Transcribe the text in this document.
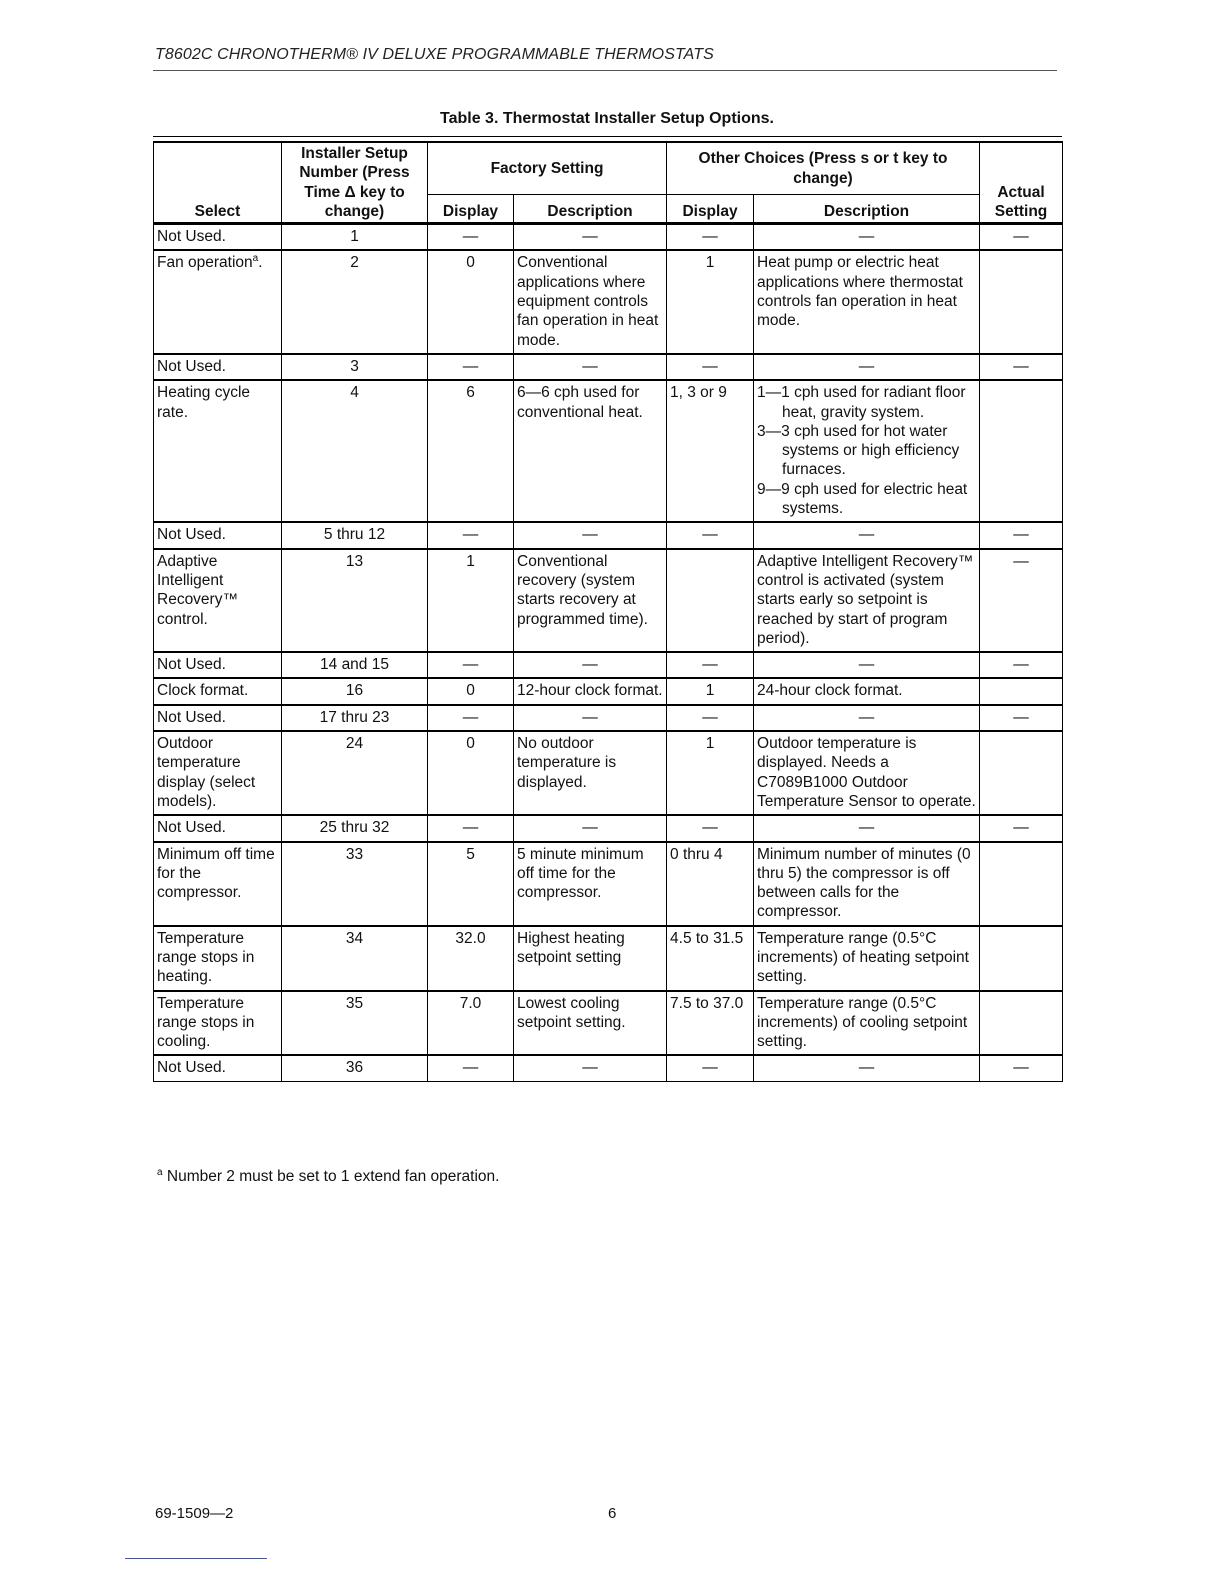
T8602C CHRONOTHERM® IV DELUXE PROGRAMMABLE THERMOSTATS
Table 3. Thermostat Installer Setup Options.
Select	Installer Setup Number (Press Time Δ key to change)	Factory Setting		Other Choices (Press s or t key to change)		Actual Setting
		Display	Description	Display	Description	
Not Used.	1	—	—	—	—	—
Fan operation$^a$.	2	0	Conventional applications where equipment controls fan operation in heat mode.	1	Heat pump or electric heat applications where thermostat controls fan operation in heat mode.	

Not Used.	3	—	—	—	—	—
Heating cycle rate.	4	6	6—6 cph used for conventional heat.	1, 3 or 9	1—1 cph used for radiant floor heat, gravity system.
3—3 cph used for hot water systems or high efficiency furnaces.
9—9 cph used for electric heat systems.	

Not Used.	5 thru 12	—	—	—	—	—
Adaptive Intelligent Recovery™ control.	13	1	Conventional recovery (system starts recovery at programmed time).		Adaptive Intelligent Recovery™ control is activated (system starts early so setpoint is reached by start of program period).	—
Not Used.	14 and 15	—	—	—	—	—
Clock format.	16	0	12-hour clock format.	1	24-hour clock format.	

Not Used.	17 thru 23	—	—	—	—	—
Outdoor temperature display (select models).	24	0	No outdoor temperature is displayed.	1	Outdoor temperature is displayed. Needs a C7089B1000 Outdoor Temperature Sensor to operate.	

Not Used.	25 thru 32	—	—	—	—	—
Minimum off time for the compressor.	33	5	5 minute minimum off time for the compressor.	0 thru 4	Minimum number of minutes (0 thru 5) the compressor is off between calls for the compressor.	

Temperature range stops in heating.	34	32.0	Highest heating setpoint setting	4.5 to 31.5	Temperature range (0.5°C increments) of heating setpoint setting.	

Temperature range stops in cooling.	35	7.0	Lowest cooling setpoint setting.	7.5 to 37.0	Temperature range (0.5°C increments) of cooling setpoint setting.	

Not Used.	36	—	—	—	—	—
$^a$ Number 2 must be set to 1 extend fan operation.
69-1509—2	6
